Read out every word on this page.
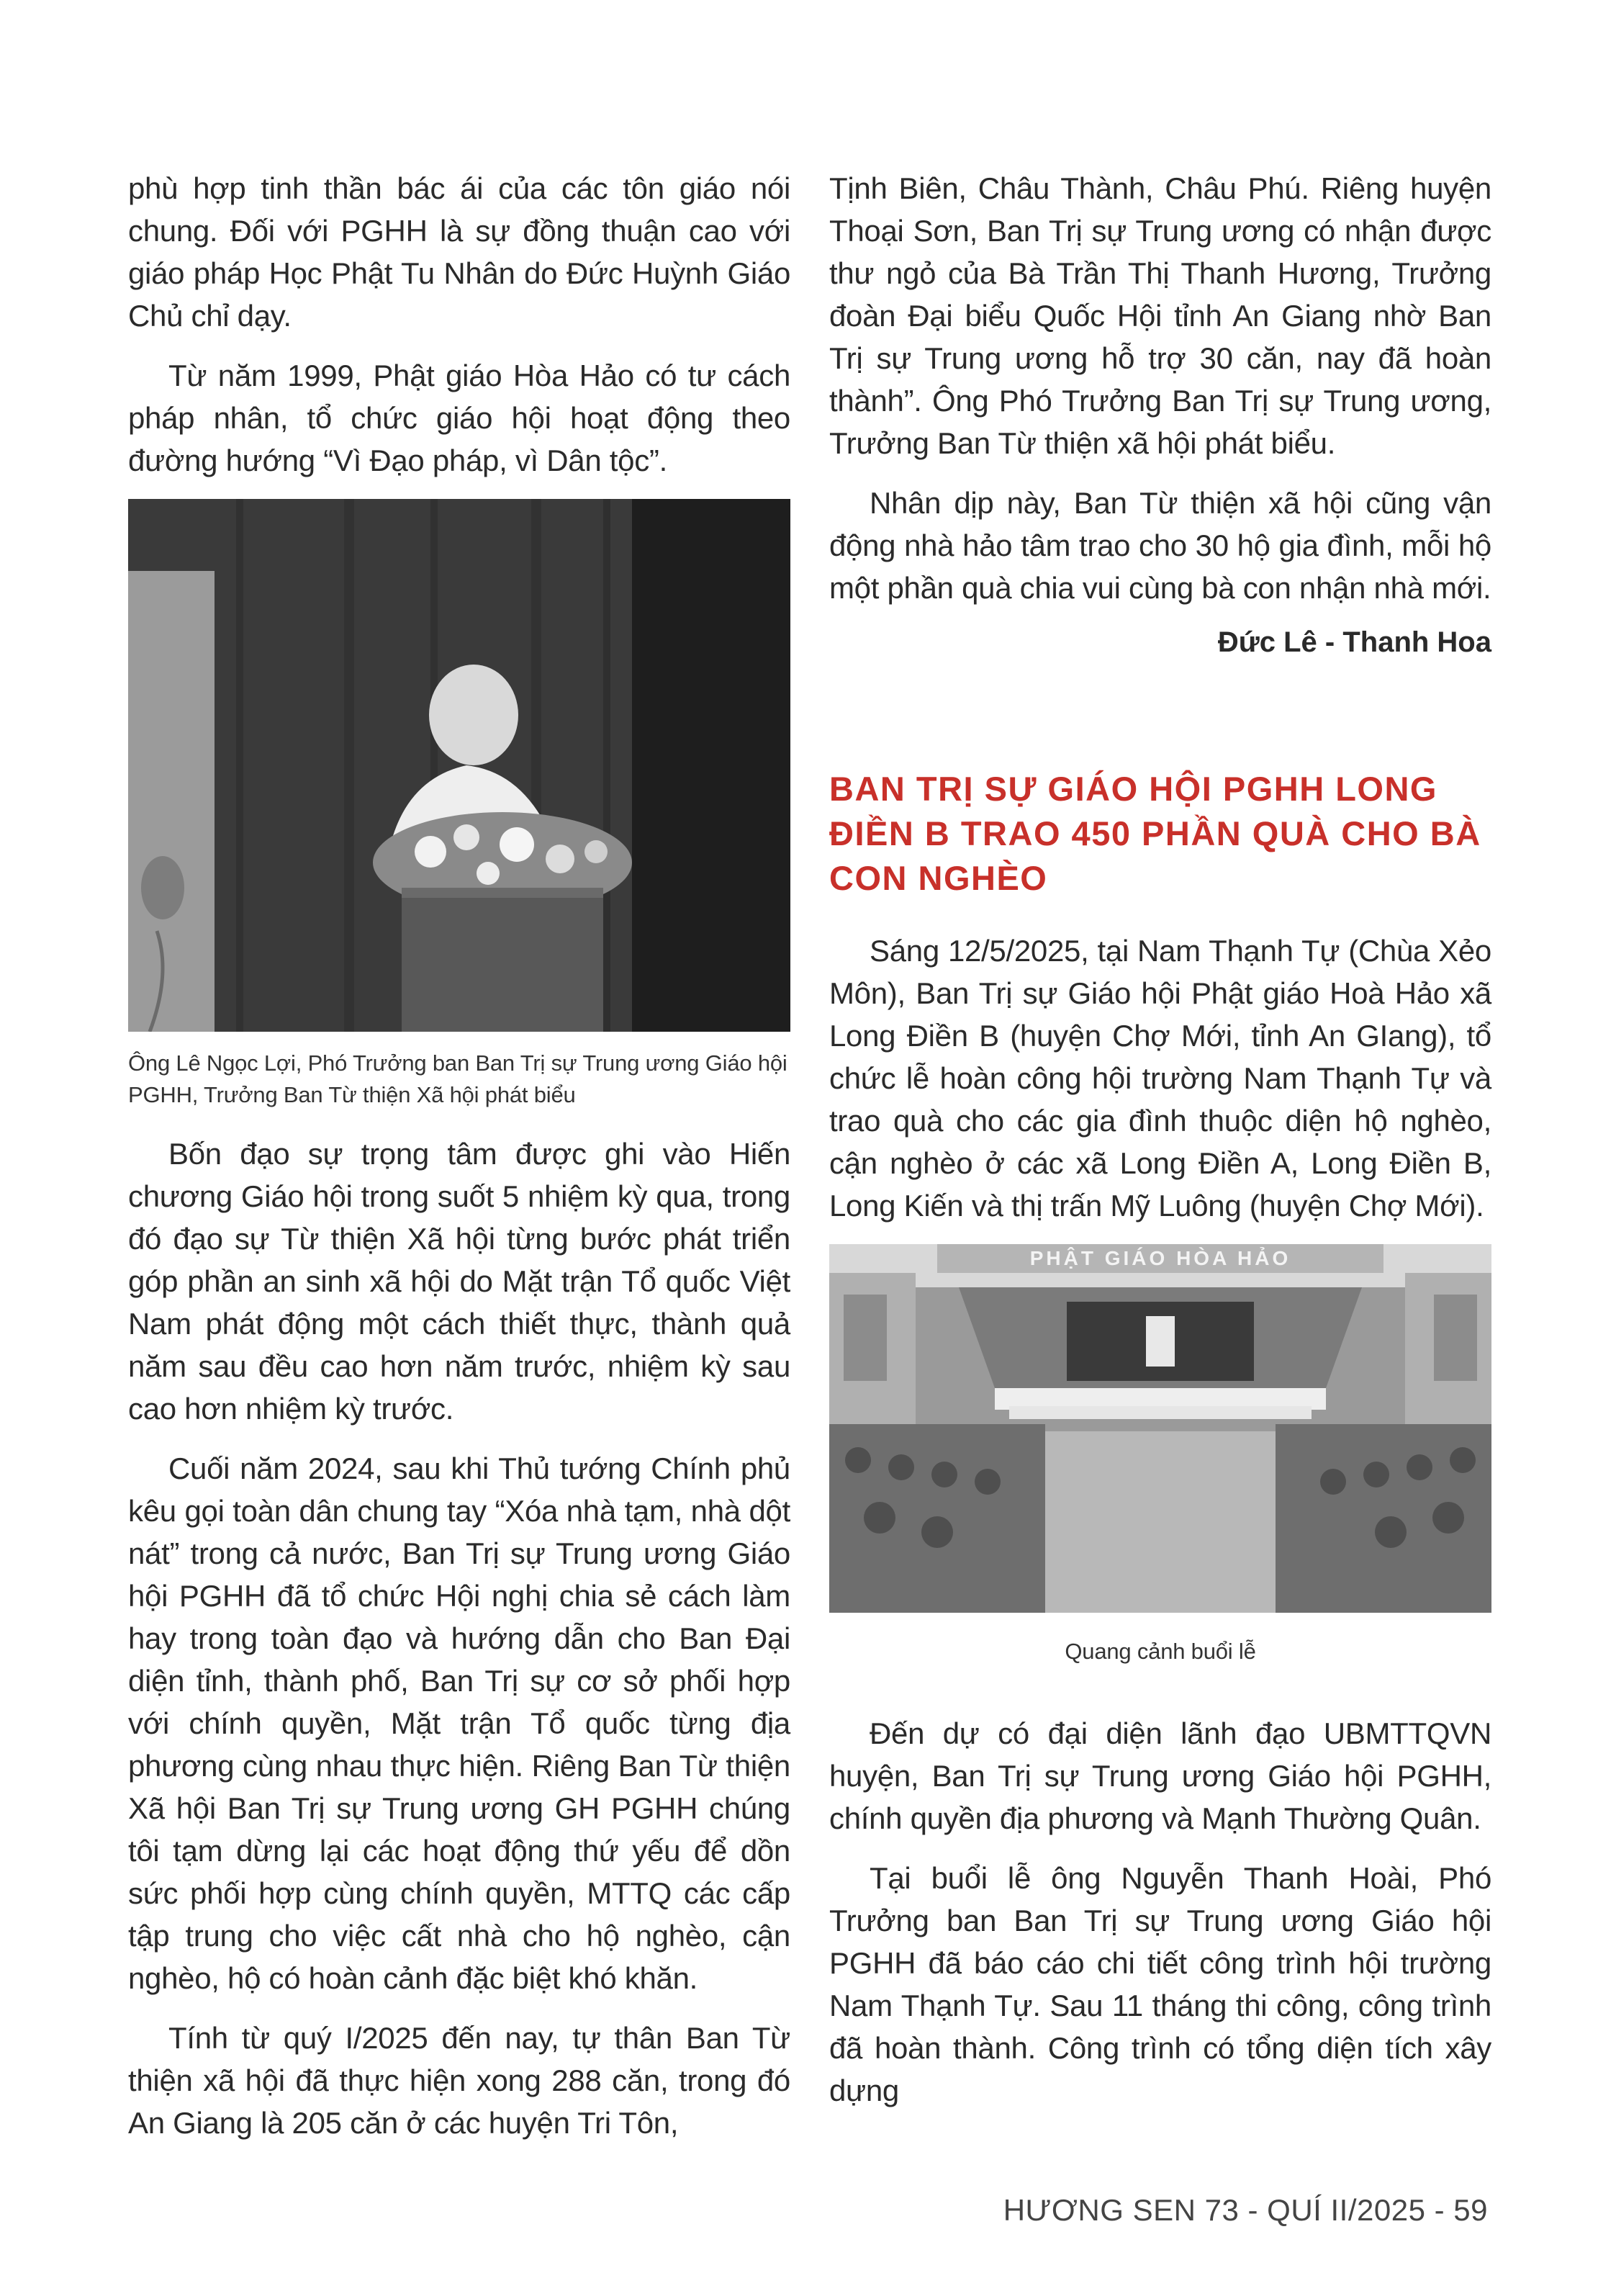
phù hợp tinh thần bác ái của các tôn giáo nói chung. Đối với PGHH là sự đồng thuận cao với giáo pháp Học Phật Tu Nhân do Đức Huỳnh Giáo Chủ chỉ dạy.

Từ năm 1999, Phật giáo Hòa Hảo có tư cách pháp nhân, tổ chức giáo hội hoạt động theo đường hướng “Vì Đạo pháp, vì Dân tộc”.

Ông Lê Ngọc Lợi, Phó Trưởng ban Ban Trị sự Trung ương Giáo hội PGHH, Trưởng Ban Từ thiện Xã hội phát biểu

Bốn đạo sự trọng tâm được ghi vào Hiến chương Giáo hội trong suốt 5 nhiệm kỳ qua, trong đó đạo sự Từ thiện Xã hội từng bước phát triển góp phần an sinh xã hội do Mặt trận Tổ quốc Việt Nam phát động một cách thiết thực, thành quả năm sau đều cao hơn năm trước, nhiệm kỳ sau cao hơn nhiệm kỳ trước.

Cuối năm 2024, sau khi Thủ tướng Chính phủ kêu gọi toàn dân chung tay “Xóa nhà tạm, nhà dột nát” trong cả nước, Ban Trị sự Trung ương Giáo hội PGHH đã tổ chức Hội nghị chia sẻ cách làm hay trong toàn đạo và hướng dẫn cho Ban Đại diện tỉnh, thành phố, Ban Trị sự cơ sở phối hợp với chính quyền, Mặt trận Tổ quốc từng địa phương cùng nhau thực hiện. Riêng Ban Từ thiện Xã hội Ban Trị sự Trung ương GH PGHH chúng tôi tạm dừng lại các hoạt động thứ yếu để dồn sức phối hợp cùng chính quyền, MTTQ các cấp tập trung cho việc cất nhà cho hộ nghèo, cận nghèo, hộ có hoàn cảnh đặc biệt khó khăn.

Tính từ quý I/2025 đến nay, tự thân Ban Từ thiện xã hội đã thực hiện xong 288 căn, trong đó An Giang là 205 căn ở các huyện Tri Tôn,

Tịnh Biên, Châu Thành, Châu Phú. Riêng huyện Thoại Sơn, Ban Trị sự Trung ương có nhận được thư ngỏ của Bà Trần Thị Thanh Hương, Trưởng đoàn Đại biểu Quốc Hội tỉnh An Giang nhờ Ban Trị sự Trung ương hỗ trợ 30 căn, nay đã hoàn thành”. Ông Phó Trưởng Ban Trị sự Trung ương, Trưởng Ban Từ thiện xã hội phát biểu.

Nhân dịp này, Ban Từ thiện xã hội cũng vận động nhà hảo tâm trao cho 30 hộ gia đình, mỗi hộ một phần quà chia vui cùng bà con nhận nhà mới.

Đức Lê - Thanh Hoa
BAN TRỊ SỰ GIÁO HỘI PGHH LONG ĐIỀN B TRAO 450 PHẦN QUÀ CHO BÀ CON NGHÈO

Sáng 12/5/2025, tại Nam Thạnh Tự (Chùa Xẻo Môn), Ban Trị sự Giáo hội Phật giáo Hoà Hảo xã Long Điền B (huyện Chợ Mới, tỉnh An GIang), tổ chức lễ hoàn công hội trường Nam Thạnh Tự và trao quà cho các gia đình thuộc diện hộ nghèo, cận nghèo ở các xã Long Điền A, Long Điền B, Long Kiến và thị trấn Mỹ Luông (huyện Chợ Mới).

PHẬT GIÁO HÒA HẢO
Quang cảnh buổi lễ

Đến dự có đại diện lãnh đạo UBMTTQVN huyện, Ban Trị sự Trung ương Giáo hội PGHH, chính quyền địa phương và Mạnh Thường Quân.

Tại buổi lễ ông Nguyễn Thanh Hoài, Phó Trưởng ban Ban Trị sự Trung ương Giáo hội PGHH đã báo cáo chi tiết công trình hội trường Nam Thạnh Tự. Sau 11 tháng thi công, công trình đã hoàn thành. Công trình có tổng diện tích xây dựng

HƯƠNG SEN 73 - QUÍ II/2025 - 59
